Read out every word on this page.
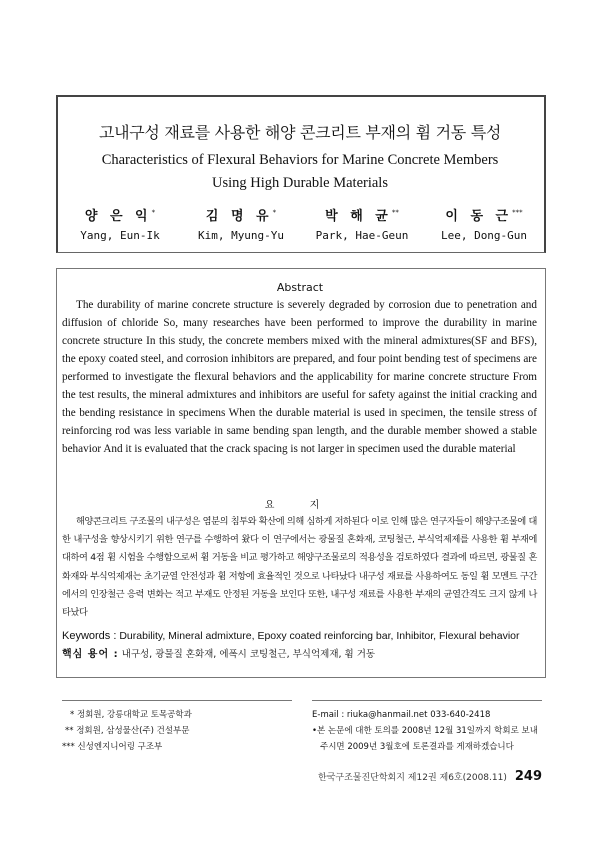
고내구성 재료를 사용한 해양 콘크리트 부재의 휨 거동 특성
Characteristics of Flexural Behaviors for Marine Concrete Members
Using High Durable Materials
양 은 익*
Yang, Eun-Ik
김 명 유*
Kim, Myung-Yu
박 해 균**
Park, Hae-Geun
이 동 근***
Lee, Dong-Gun
Abstract
The durability of marine concrete structure is severely degraded by corrosion due to penetration and diffusion of chloride So, many researches have been performed to improve the durability in marine concrete structure In this study, the concrete members mixed with the mineral admixtures(SF and BFS), the epoxy coated steel, and corrosion inhibitors are prepared, and four point bending test of specimens are performed to investigate the flexural behaviors and the applicability for marine concrete structure From the test results, the mineral admixtures and inhibitors are useful for safety against the initial cracking and the bending resistance in specimens When the durable material is used in specimen, the tensile stress of reinforcing rod was less variable in same bending span length, and the durable member showed a stable behavior And it is evaluated that the crack spacing is not larger in specimen used the durable material
요 지
해양콘크리트 구조물의 내구성은 염분의 침투와 확산에 의해 심하게 저하된다 이로 인해 많은 연구자들이 해양구조물에 대한 내구성을 향상시키기 위한 연구를 수행하여 왔다 이 연구에서는 광물질 혼화재, 코팅철근, 부식억제제를 사용한 휨 부재에 대하여 4점 휨 시험을 수행함으로써 휨 거동을 비교 평가하고 해양구조물로의 적용성을 검토하였다 결과에 따르면, 광물질 혼화재와 부식억제재는 초기균열 안전성과 휨 저항에 효율적인 것으로 나타났다 내구성 재료를 사용하여도 동일 휨 모멘트 구간에서의 인장철근 응력 변화는 적고 부재도 안정된 거동을 보인다 또한, 내구성 재료를 사용한 부재의 균열간격도 크지 않게 나타났다
Keywords : Durability, Mineral admixture, Epoxy coated reinforcing bar, Inhibitor, Flexural behavior
핵심 용어 : 내구성, 광물질 혼화재, 에폭시 코팅철근, 부식억제재, 휨 거동
* 정회원, 강릉대학교 토목공학과
** 정회원, 삼성물산(주) 건설부문
*** 신성엔지니어링 구조부
E-mail : riuka@hanmail.net 033-640-2418
•본 논문에 대한 토의를 2008년 12월 31일까지 학회로 보내
주시면 2009년 3월호에 토론결과를 게재하겠습니다
한국구조물진단학회지 제12권 제6호(2008.11) 249
